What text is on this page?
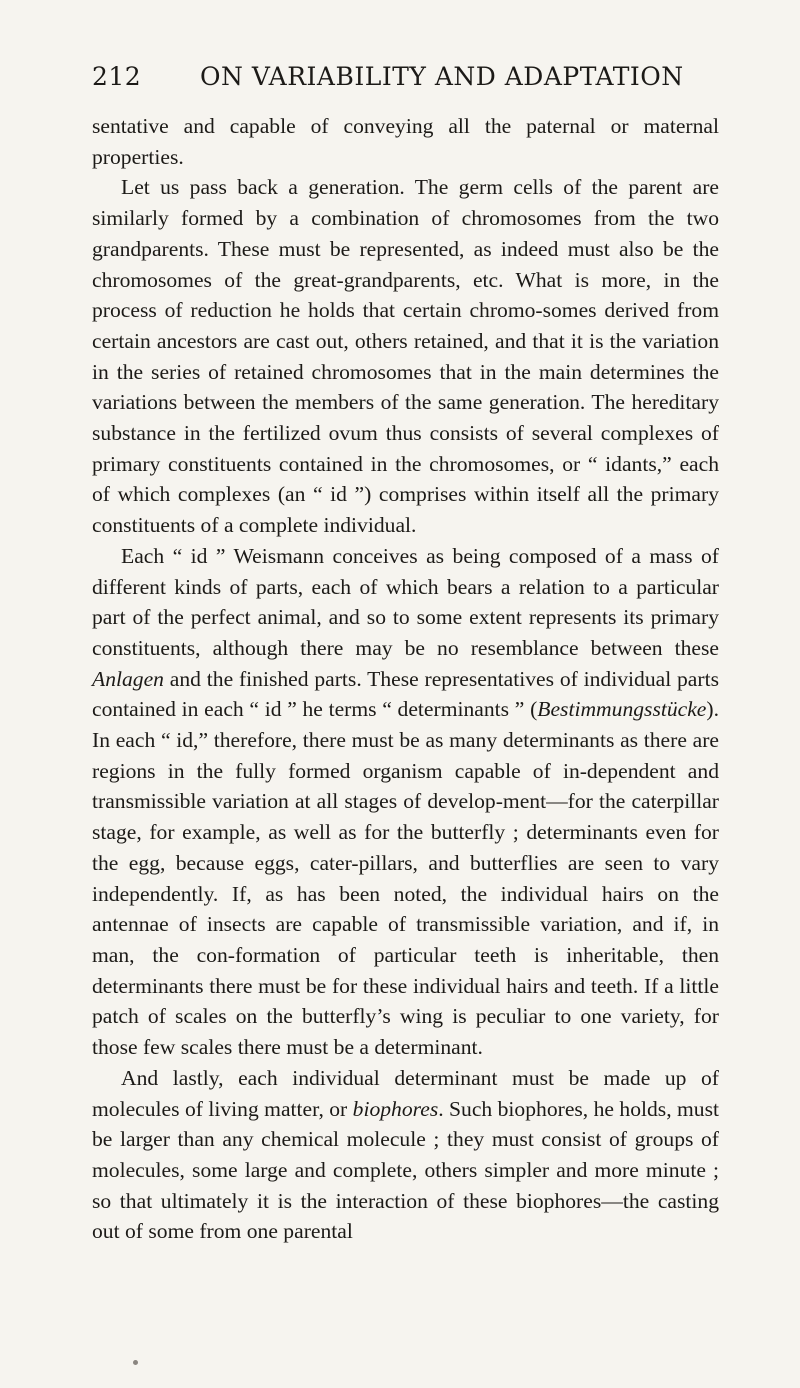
212 ON VARIABILITY AND ADAPTATION

sentative and capable of conveying all the paternal or maternal properties.

Let us pass back a generation. The germ cells of the parent are similarly formed by a combination of chromosomes from the two grandparents. These must be represented, as indeed must also be the chromosomes of the great-grandparents, etc. What is more, in the process of reduction he holds that certain chromo-somes derived from certain ancestors are cast out, others retained, and that it is the variation in the series of retained chromosomes that in the main determines the variations between the members of the same generation. The hereditary substance in the fertilized ovum thus consists of several complexes of primary constituents contained in the chromosomes, or “ idants,” each of which complexes (an “ id ”) comprises within itself all the primary constituents of a complete individual.

Each “ id ” Weismann conceives as being composed of a mass of different kinds of parts, each of which bears a relation to a particular part of the perfect animal, and so to some extent represents its primary constituents, although there may be no resemblance between these Anlagen and the finished parts. These representatives of individual parts contained in each “ id ” he terms “ determinants ” (Bestimmungsstücke). In each “ id,” therefore, there must be as many determinants as there are regions in the fully formed organism capable of in-dependent and transmissible variation at all stages of develop-ment—for the caterpillar stage, for example, as well as for the butterfly ; determinants even for the egg, because eggs, cater-pillars, and butterflies are seen to vary independently. If, as has been noted, the individual hairs on the antennae of insects are capable of transmissible variation, and if, in man, the con-formation of particular teeth is inheritable, then determinants there must be for these individual hairs and teeth. If a little patch of scales on the butterfly’s wing is peculiar to one variety, for those few scales there must be a determinant.

And lastly, each individual determinant must be made up of molecules of living matter, or biophores. Such biophores, he holds, must be larger than any chemical molecule ; they must consist of groups of molecules, some large and complete, others simpler and more minute ; so that ultimately it is the interaction of these biophores—the casting out of some from one parental
